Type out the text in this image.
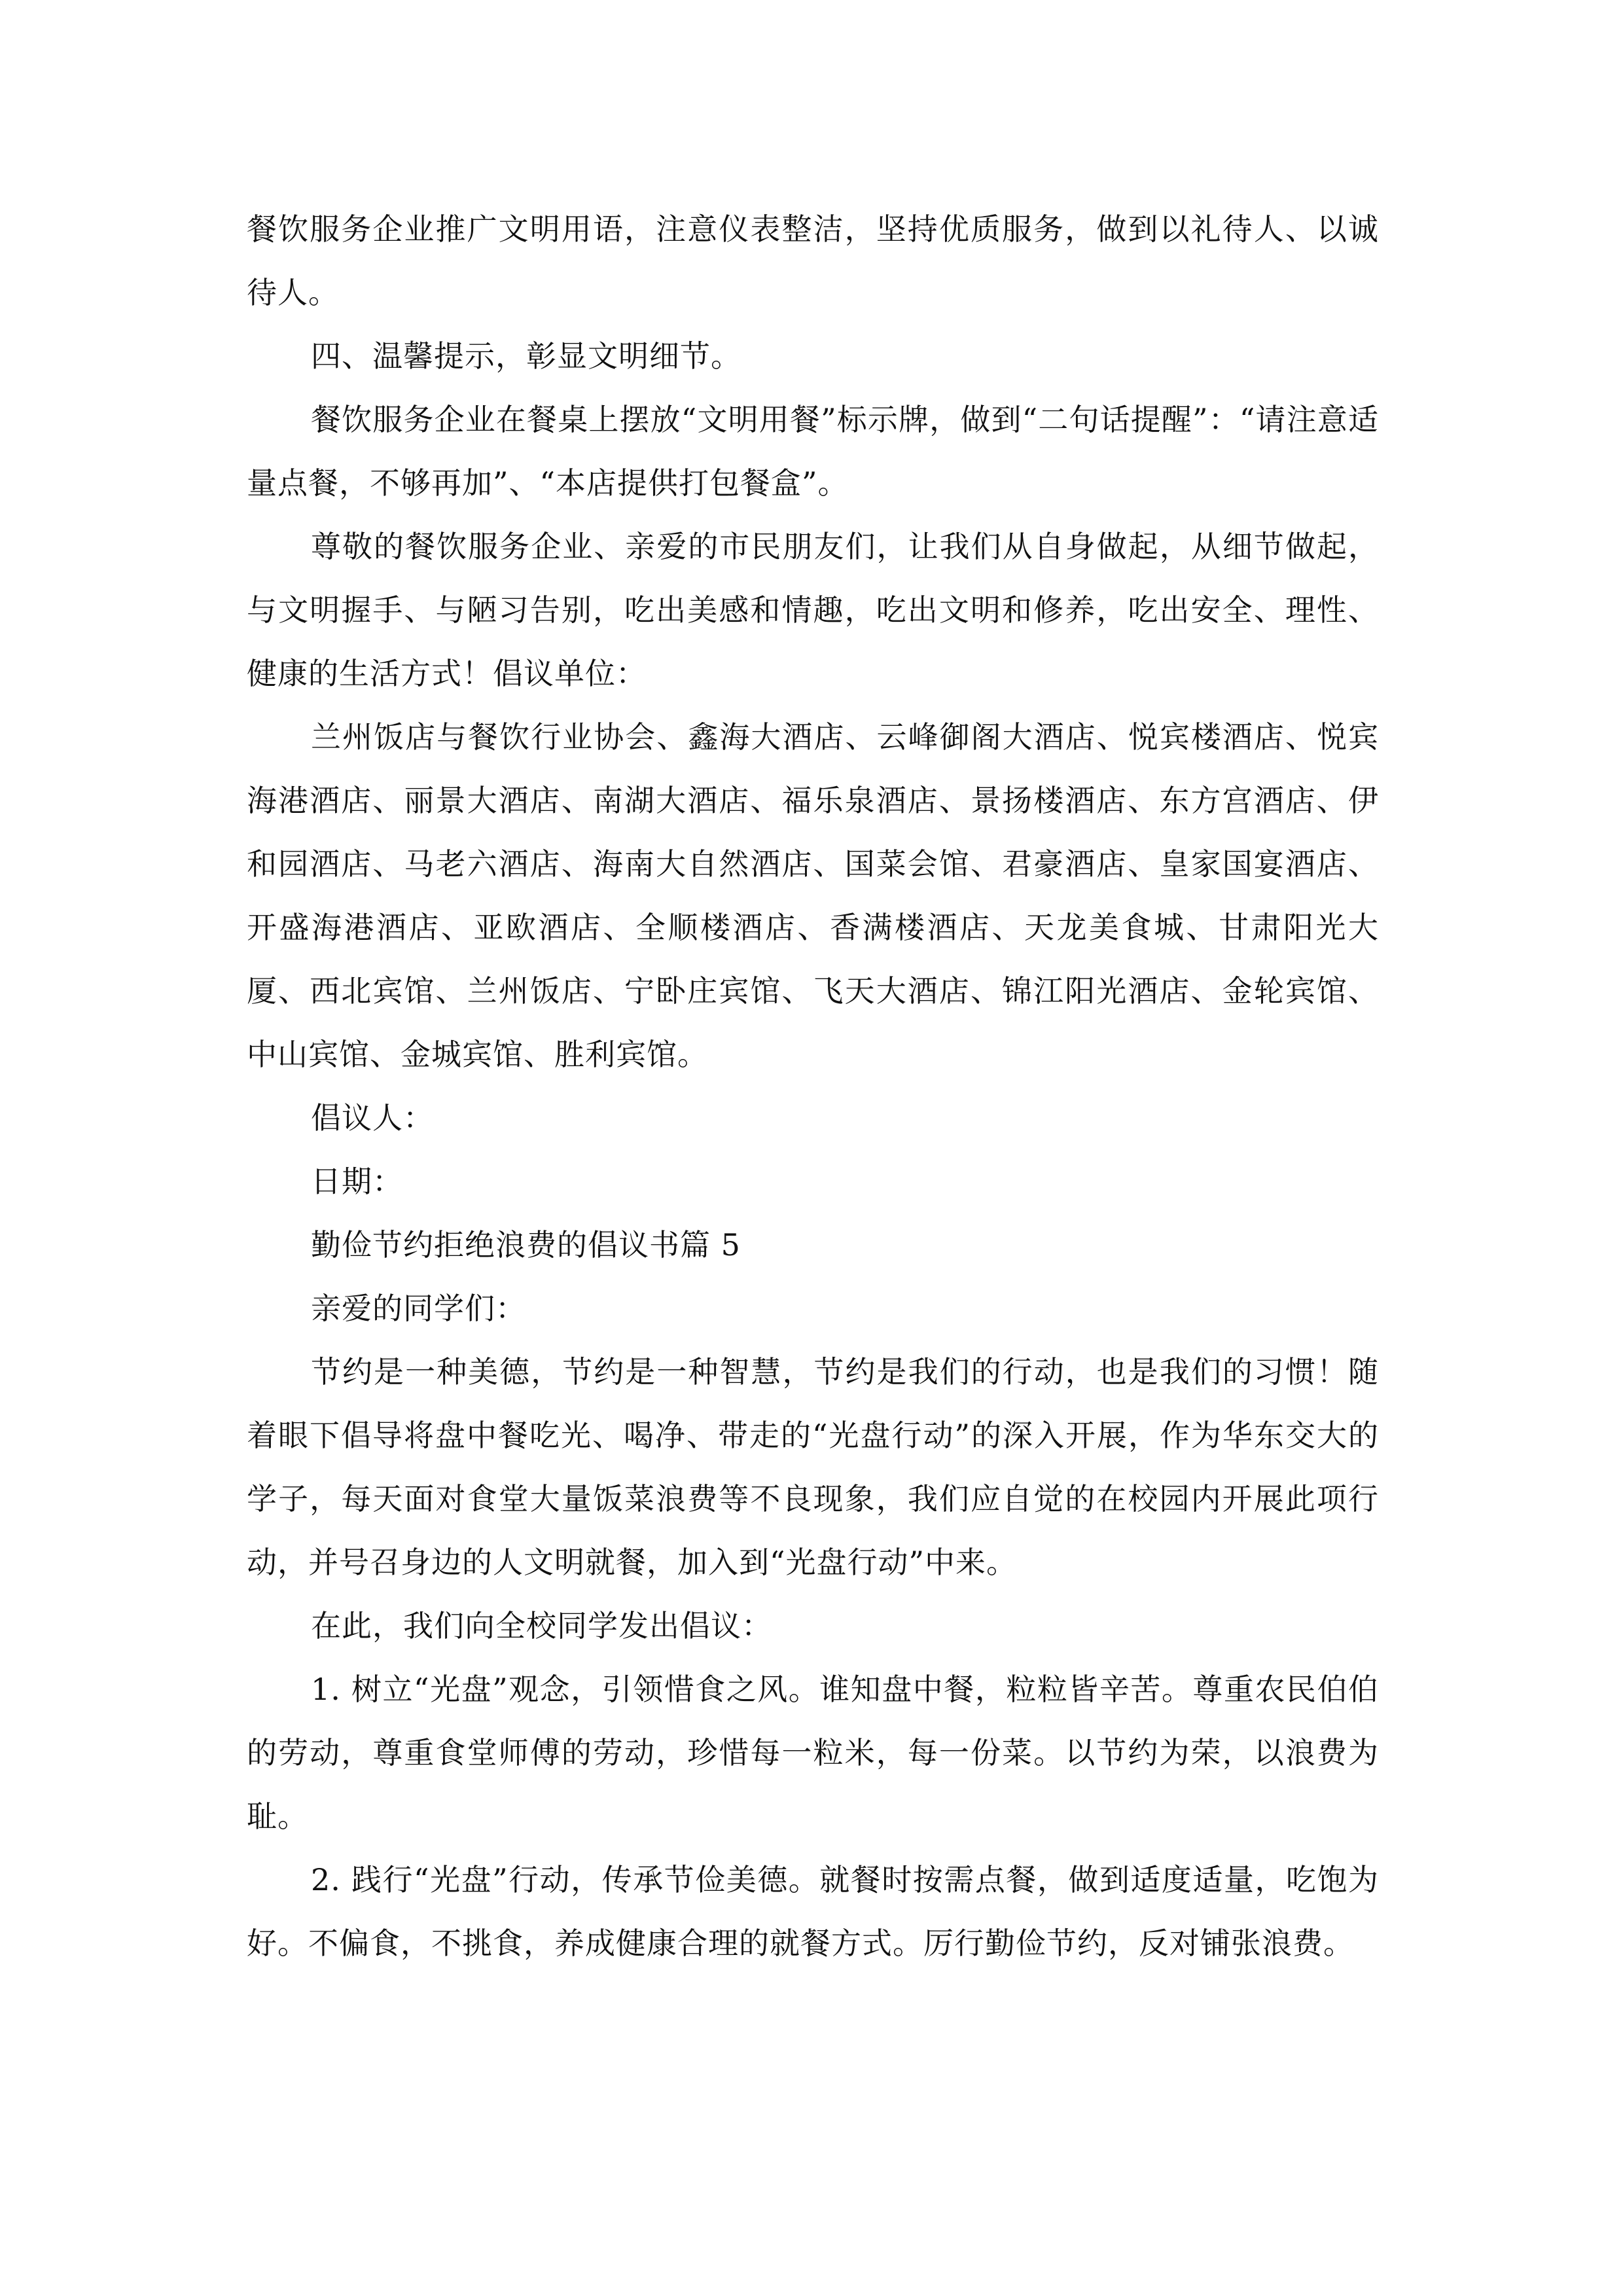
餐饮服务企业推广文明用语，注意仪表整洁，坚持优质服务，做到以礼待人、以诚待人。

四、温馨提示，彰显文明细节。

餐饮服务企业在餐桌上摆放“文明用餐”标示牌，做到“二句话提醒”：“请注意适量点餐，不够再加”、“本店提供打包餐盒”。

尊敬的餐饮服务企业、亲爱的市民朋友们，让我们从自身做起，从细节做起，与文明握手、与陋习告别，吃出美感和情趣，吃出文明和修养，吃出安全、理性、健康的生活方式！倡议单位：

兰州饭店与餐饮行业协会、鑫海大酒店、云峰御阁大酒店、悦宾楼酒店、悦宾海港酒店、丽景大酒店、南湖大酒店、福乐泉酒店、景扬楼酒店、东方宫酒店、伊和园酒店、马老六酒店、海南大自然酒店、国菜会馆、君豪酒店、皇家国宴酒店、开盛海港酒店、亚欧酒店、全顺楼酒店、香满楼酒店、天龙美食城、甘肃阳光大厦、西北宾馆、兰州饭店、宁卧庄宾馆、飞天大酒店、锦江阳光酒店、金轮宾馆、中山宾馆、金城宾馆、胜利宾馆。

倡议人：

日期：

勤俭节约拒绝浪费的倡议书篇 5

亲爱的同学们：

节约是一种美德，节约是一种智慧，节约是我们的行动，也是我们的习惯！随着眼下倡导将盘中餐吃光、喝净、带走的“光盘行动”的深入开展，作为华东交大的学子，每天面对食堂大量饭菜浪费等不良现象，我们应自觉的在校园内开展此项行动，并号召身边的人文明就餐，加入到“光盘行动”中来。

在此，我们向全校同学发出倡议：

1. 树立“光盘”观念，引领惜食之风。谁知盘中餐，粒粒皆辛苦。尊重农民伯伯的劳动，尊重食堂师傅的劳动，珍惜每一粒米，每一份菜。以节约为荣，以浪费为耻。

2. 践行“光盘”行动，传承节俭美德。就餐时按需点餐，做到适度适量，吃饱为好。不偏食，不挑食，养成健康合理的就餐方式。厉行勤俭节约，反对铺张浪费。
